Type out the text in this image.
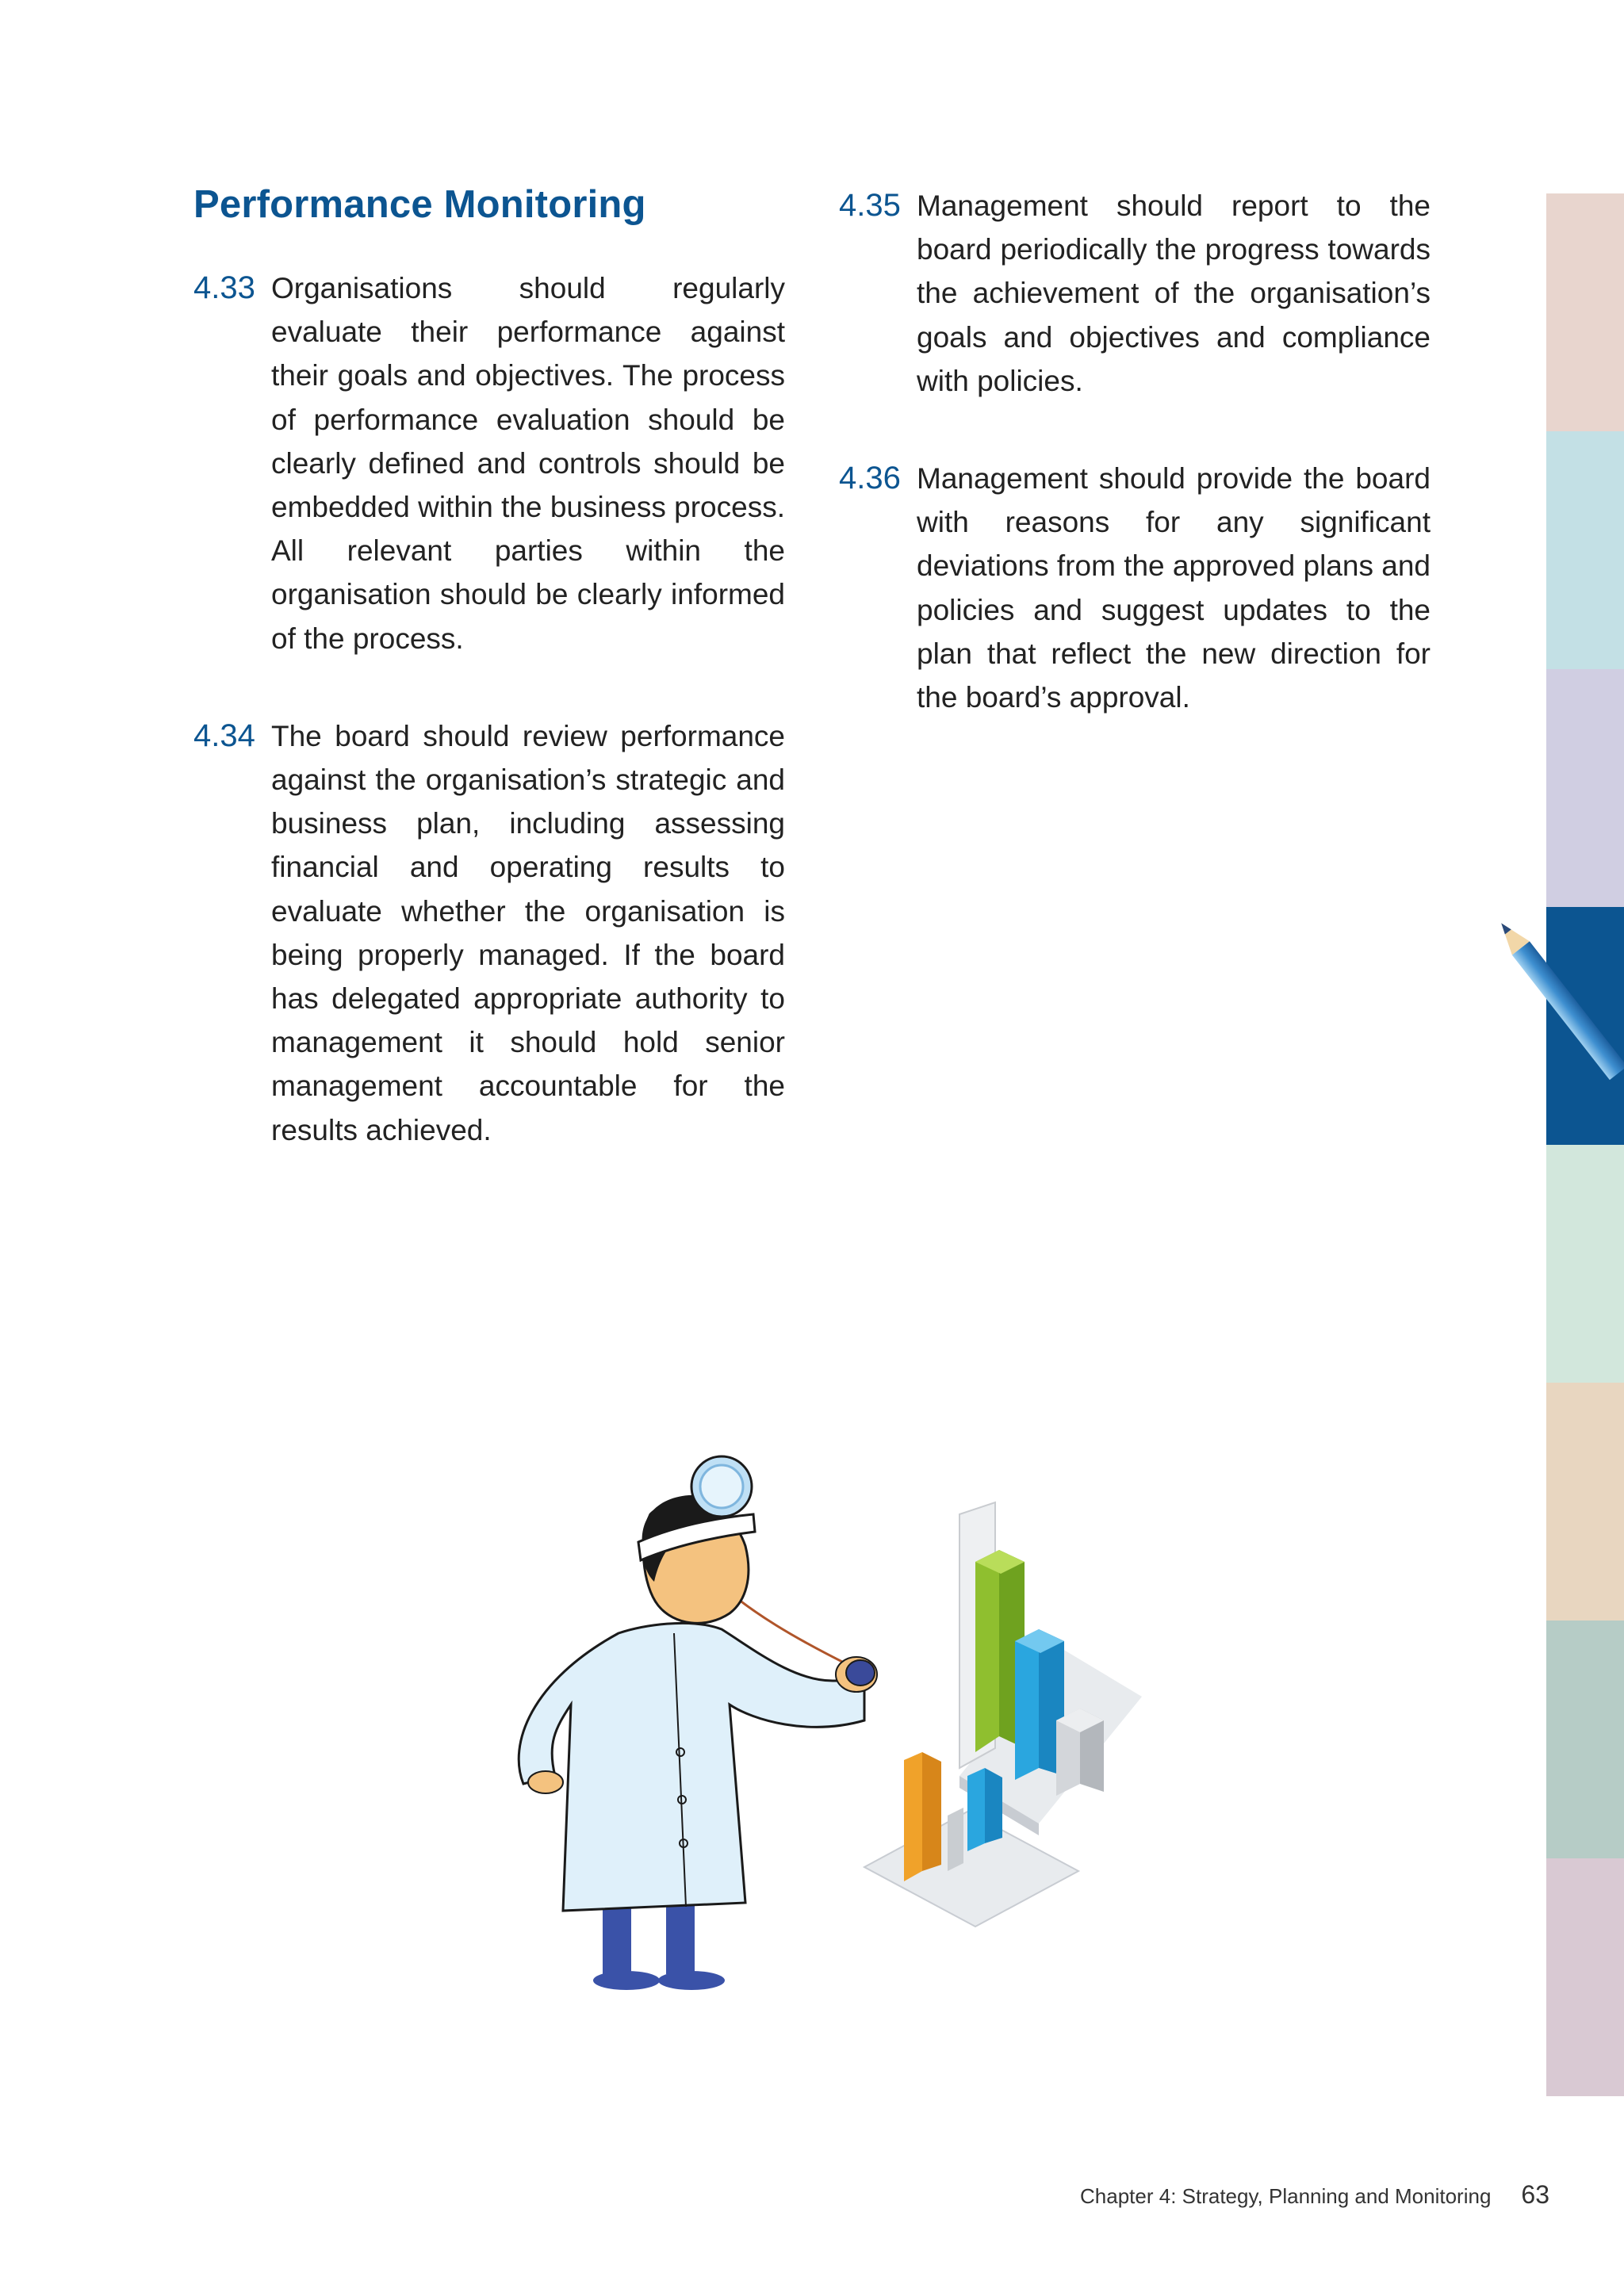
Performance Monitoring
4.33 Organisations should regularly evaluate their performance against their goals and objectives. The process of performance evaluation should be clearly defined and controls should be embedded within the business process. All relevant parties within the organisation should be clearly informed of the process.
4.34 The board should review performance against the organisation’s strategic and business plan, including assessing financial and operating results to evaluate whether the organisation is being properly managed. If the board has delegated appropriate authority to management it should hold senior management accountable for the results achieved.
4.35 Management should report to the board periodically the progress towards the achievement of the organisation’s goals and objectives and compliance with policies.
4.36 Management should provide the board with reasons for any significant deviations from the approved plans and policies and suggest updates to the plan that reflect the new direction for the board’s approval.
Chapter 4: Strategy, Planning and Monitoring 63
